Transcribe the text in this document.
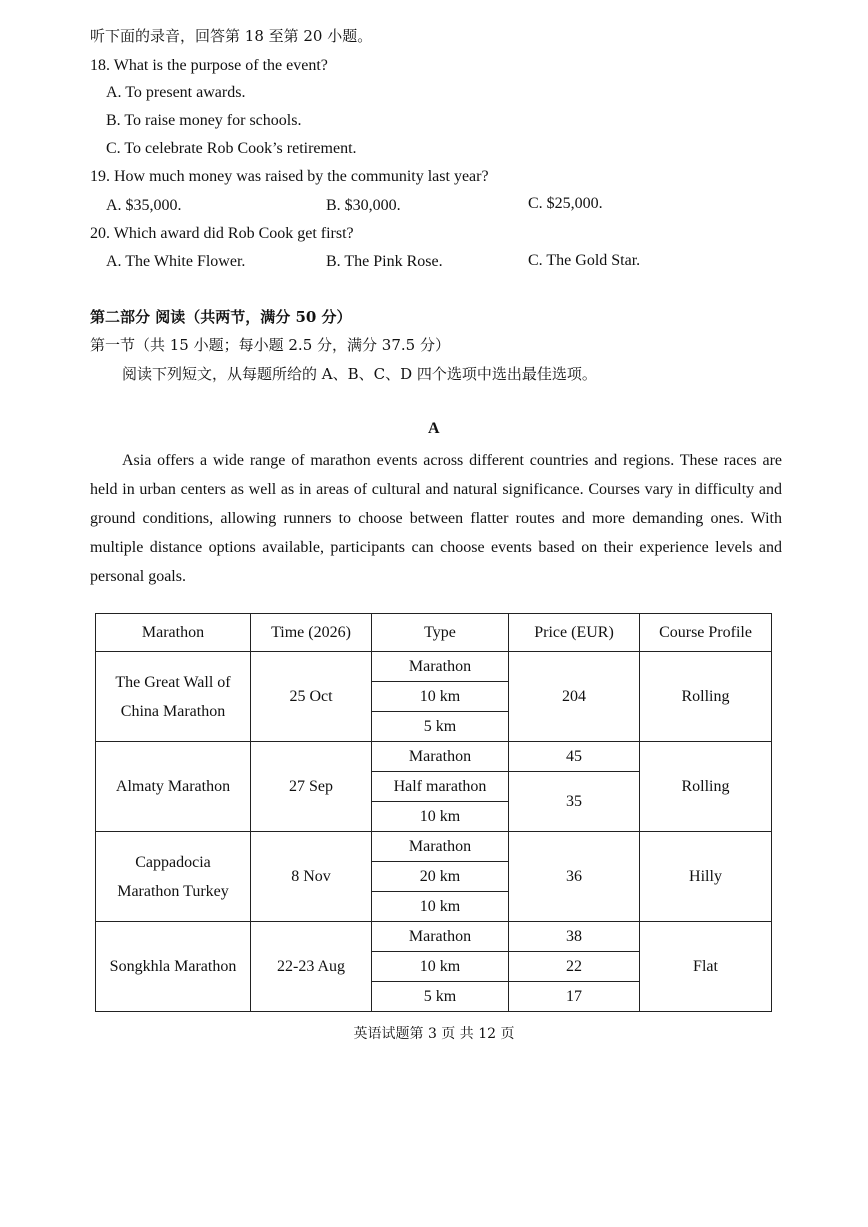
听下面的录音，回答第 18 至第 20 小题。
18. What is the purpose of the event?
A. To present awards.
B. To raise money for schools.
C. To celebrate Rob Cook’s retirement.
19. How much money was raised by the community last year?
A. $35,000.	B. $30,000.	C. $25,000.
20. Which award did Rob Cook get first?
A. The White Flower.	B. The Pink Rose.	C. The Gold Star.
第二部分 阅读（共两节，满分 50 分）
第一节（共 15 小题；每小题 2.5 分，满分 37.5 分）
阅读下列短文，从每题所给的 A、B、C、D 四个选项中选出最佳选项。
A
Asia offers a wide range of marathon events across different countries and regions. These races are held in urban centers as well as in areas of cultural and natural significance. Courses vary in difficulty and ground conditions, allowing runners to choose between flatter routes and more demanding ones. With multiple distance options available, participants can choose events based on their experience levels and personal goals.
Marathon	Time (2026)	Type	Price (EUR)	Course Profile
The Great Wall of
China Marathon	25 Oct	Marathon	204	Rolling
		10 km		
		5 km		
Almaty Marathon	27 Sep	Marathon	45	Rolling
		Half marathon	35	
		10 km		
Cappadocia
Marathon Turkey	8 Nov	Marathon	36	Hilly
		20 km		
		10 km		
Songkhla Marathon	22-23 Aug	Marathon	38	Flat
		10 km	22	
		5 km	17	
英语试题第 3 页 共 12 页
